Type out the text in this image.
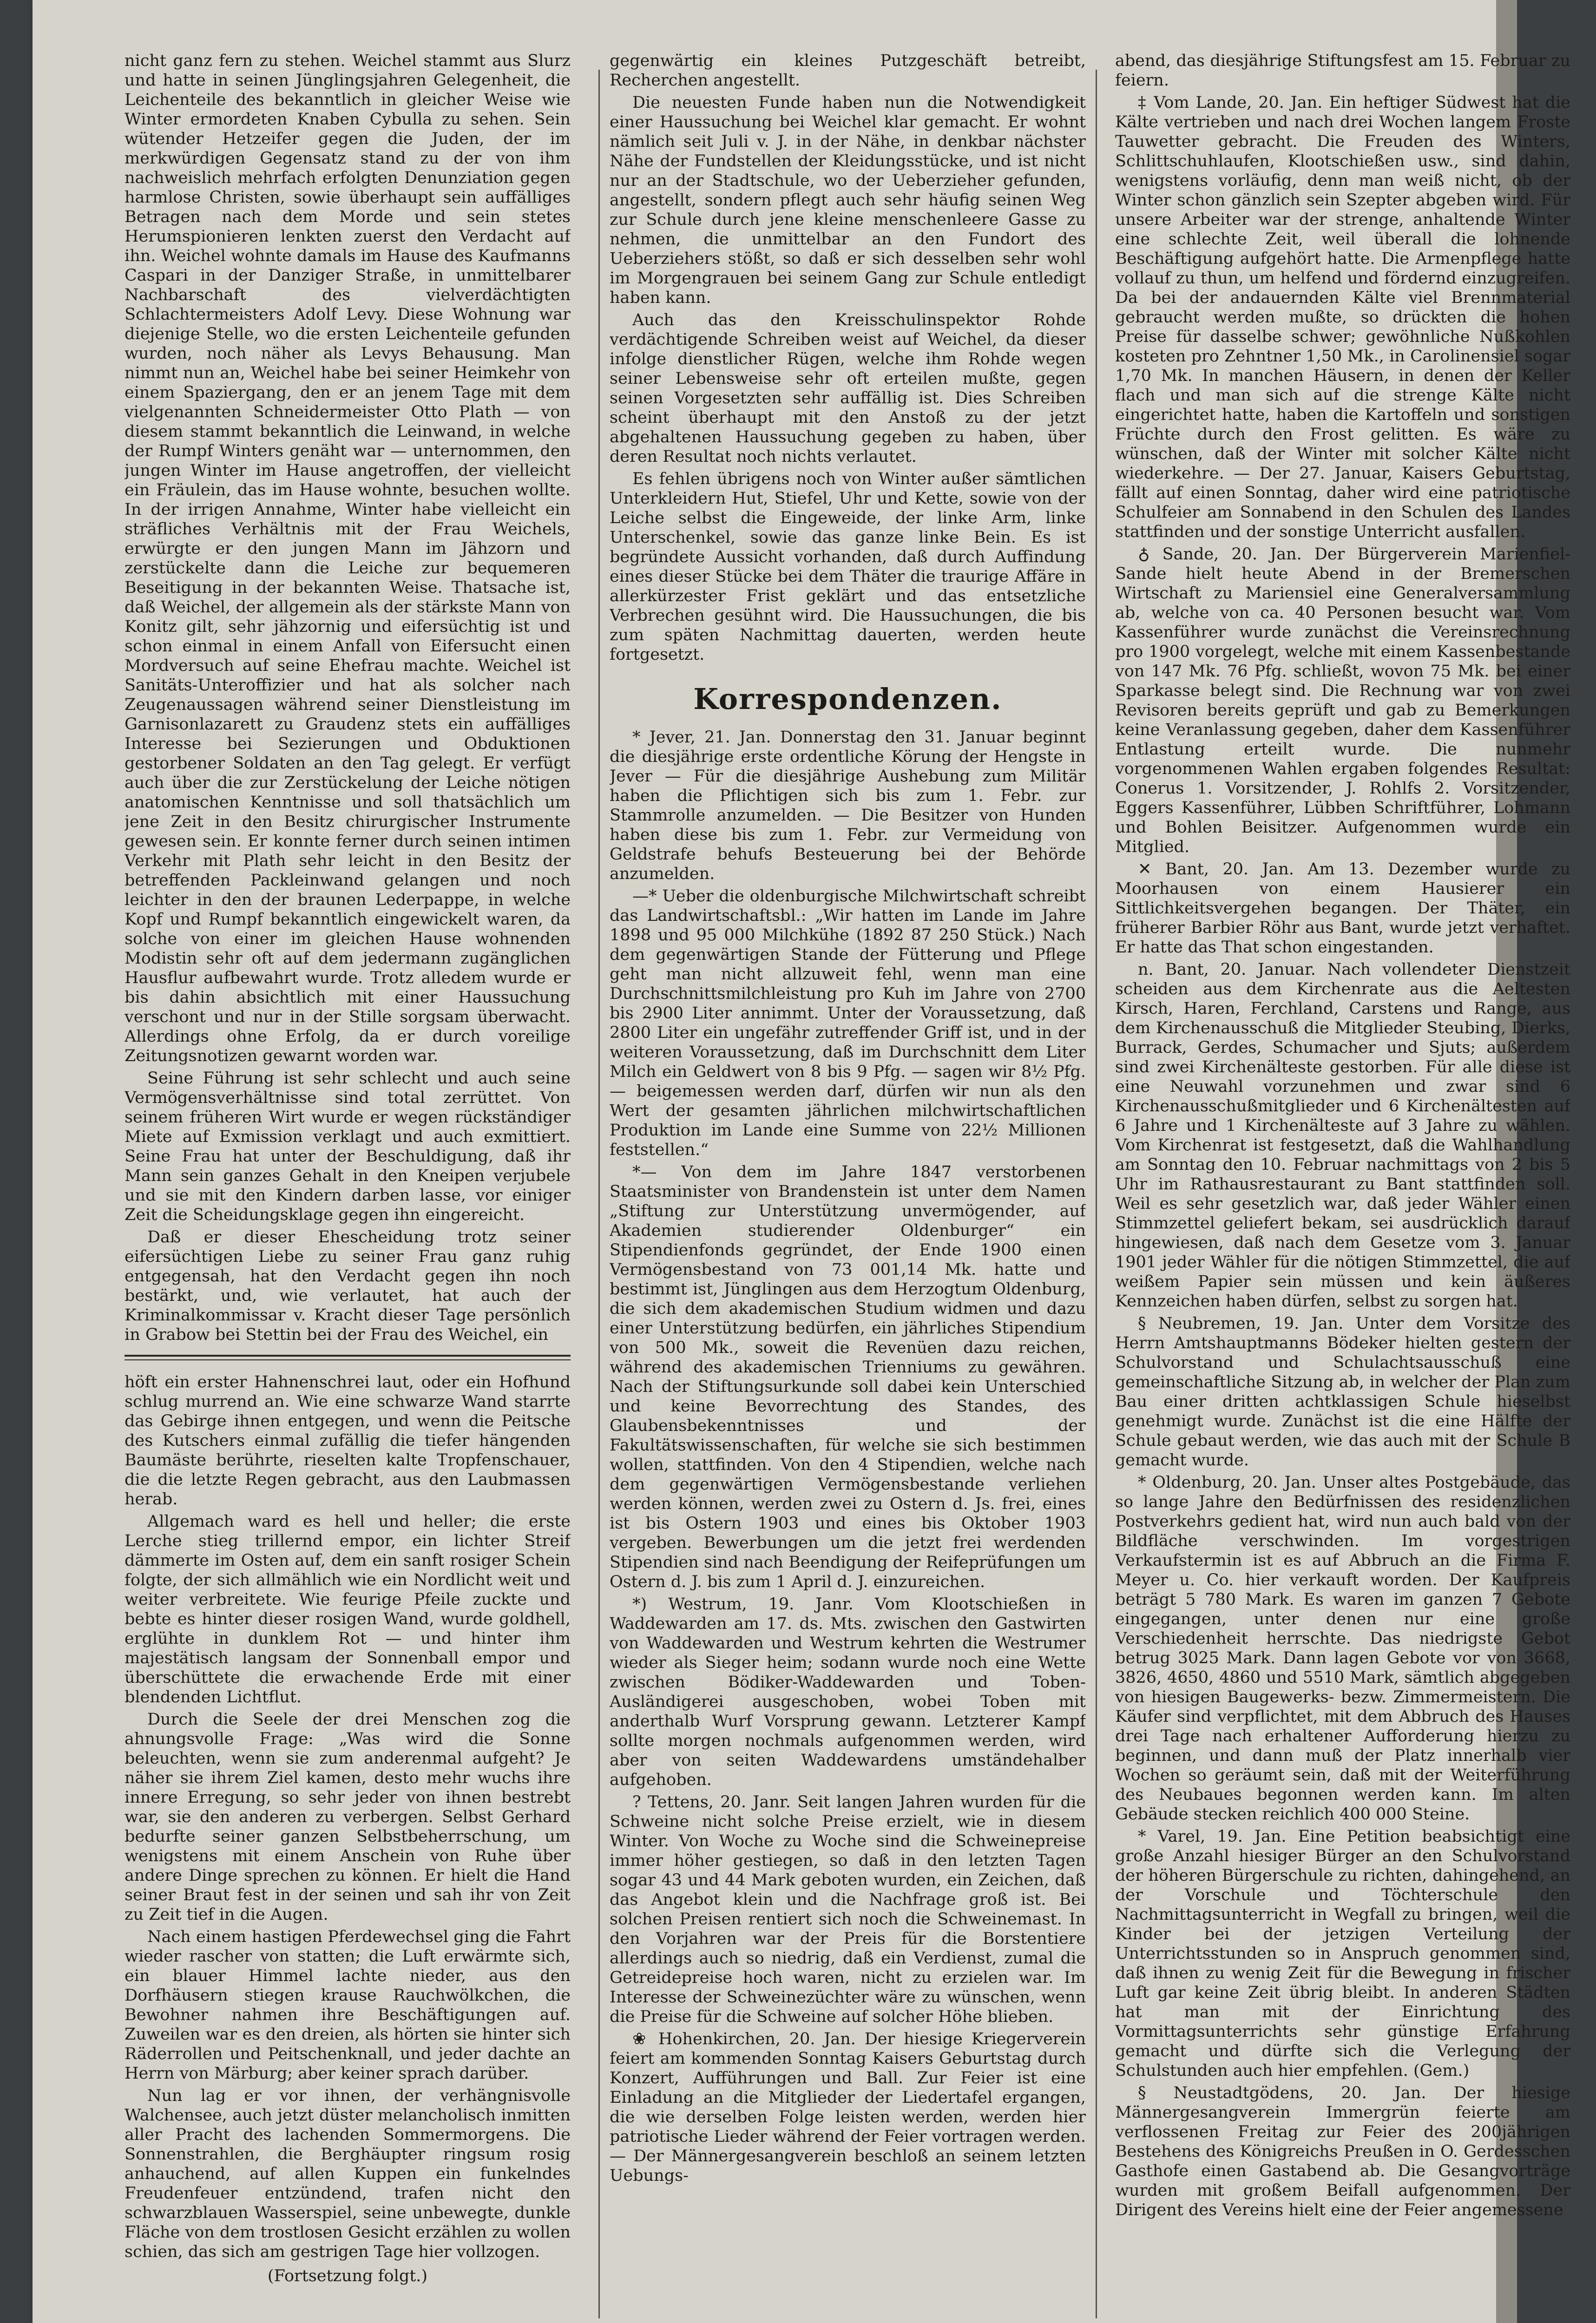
nicht ganz fern zu stehen. Weichel stammt aus Slurz und hatte in seinen Jünglingsjahren Gelegenheit, die Leichenteile des bekanntlich in gleicher Weise wie Winter ermordeten Knaben Cybulla zu sehen. Sein wütender Hetzeifer gegen die Juden, der im merkwürdigen Gegensatz stand zu der von ihm nachweislich mehrfach erfolgten Denunziation gegen harmlose Christen, sowie überhaupt sein auffälliges Betragen nach dem Morde und sein stetes Herumspionieren lenkten zuerst den Verdacht auf ihn. Weichel wohnte damals im Hause des Kaufmanns Caspari in der Danziger Straße, in unmittelbarer Nachbarschaft des vielverdächtigten Schlachtermeisters Adolf Levy. Diese Wohnung war diejenige Stelle, wo die ersten Leichenteile gefunden wurden, noch näher als Levys Behausung. Man nimmt nun an, Weichel habe bei seiner Heimkehr von einem Spaziergang, den er an jenem Tage mit dem vielgenannten Schneidermeister Otto Plath — von diesem stammt bekanntlich die Leinwand, in welche der Rumpf Winters genäht war — unternommen, den jungen Winter im Hause angetroffen, der vielleicht ein Fräulein, das im Hause wohnte, besuchen wollte. In der irrigen Annahme, Winter habe vielleicht ein sträfliches Verhältnis mit der Frau Weichels, erwürgte er den jungen Mann im Jähzorn und zerstückelte dann die Leiche zur bequemeren Beseitigung in der bekannten Weise. Thatsache ist, daß Weichel, der allgemein als der stärkste Mann von Konitz gilt, sehr jähzornig und eifersüchtig ist und schon einmal in einem Anfall von Eifersucht einen Mordversuch auf seine Ehefrau machte. Weichel ist Sanitäts-Unteroffizier und hat als solcher nach Zeugenaussagen während seiner Dienstleistung im Garnisonlazarett zu Graudenz stets ein auffälliges Interesse bei Sezierungen und Obduktionen gestorbener Soldaten an den Tag gelegt. Er verfügt auch über die zur Zerstückelung der Leiche nötigen anatomischen Kenntnisse und soll thatsächlich um jene Zeit in den Besitz chirurgischer Instrumente gewesen sein. Er konnte ferner durch seinen intimen Verkehr mit Plath sehr leicht in den Besitz der betreffenden Packleinwand gelangen und noch leichter in den der braunen Lederpappe, in welche Kopf und Rumpf bekanntlich eingewickelt waren, da solche von einer im gleichen Hause wohnenden Modistin sehr oft auf dem jedermann zugänglichen Hausflur aufbewahrt wurde. Trotz alledem wurde er bis dahin absichtlich mit einer Haussuchung verschont und nur in der Stille sorgsam überwacht. Allerdings ohne Erfolg, da er durch voreilige Zeitungsnotizen gewarnt worden war.

Seine Führung ist sehr schlecht und auch seine Vermögensverhältnisse sind total zerrüttet. Von seinem früheren Wirt wurde er wegen rückständiger Miete auf Exmission verklagt und auch exmittiert. Seine Frau hat unter der Beschuldigung, daß ihr Mann sein ganzes Gehalt in den Kneipen verjubele und sie mit den Kindern darben lasse, vor einiger Zeit die Scheidungsklage gegen ihn eingereicht.

Daß er dieser Ehescheidung trotz seiner eifersüchtigen Liebe zu seiner Frau ganz ruhig entgegensah, hat den Verdacht gegen ihn noch bestärkt, und, wie verlautet, hat auch der Kriminalkommissar v. Kracht dieser Tage persönlich in Grabow bei Stettin bei der Frau des Weichel, ein

höft ein erster Hahnenschrei laut, oder ein Hofhund schlug murrend an. Wie eine schwarze Wand starrte das Gebirge ihnen entgegen, und wenn die Peitsche des Kutschers einmal zufällig die tiefer hängenden Baumäste berührte, rieselten kalte Tropfenschauer, die die letzte Regen gebracht, aus den Laubmassen herab.

Allgemach ward es hell und heller; die erste Lerche stieg trillernd empor, ein lichter Streif dämmerte im Osten auf, dem ein sanft rosiger Schein folgte, der sich allmählich wie ein Nordlicht weit und weiter verbreitete. Wie feurige Pfeile zuckte und bebte es hinter dieser rosigen Wand, wurde goldhell, erglühte in dunklem Rot — und hinter ihm majestätisch langsam der Sonnenball empor und überschüttete die erwachende Erde mit einer blendenden Lichtflut.

Durch die Seele der drei Menschen zog die ahnungsvolle Frage: „Was wird die Sonne beleuchten, wenn sie zum anderenmal aufgeht? Je näher sie ihrem Ziel kamen, desto mehr wuchs ihre innere Erregung, so sehr jeder von ihnen bestrebt war, sie den anderen zu verbergen. Selbst Gerhard bedurfte seiner ganzen Selbstbeherrschung, um wenigstens mit einem Anschein von Ruhe über andere Dinge sprechen zu können. Er hielt die Hand seiner Braut fest in der seinen und sah ihr von Zeit zu Zeit tief in die Augen.

Nach einem hastigen Pferdewechsel ging die Fahrt wieder rascher von statten; die Luft erwärmte sich, ein blauer Himmel lachte nieder, aus den Dorfhäusern stiegen krause Rauchwölkchen, die Bewohner nahmen ihre Beschäftigungen auf. Zuweilen war es den dreien, als hörten sie hinter sich Räderrollen und Peitschenknall, und jeder dachte an Herrn von Märburg; aber keiner sprach darüber.

Nun lag er vor ihnen, der verhängnisvolle Walchensee, auch jetzt düster melancholisch inmitten aller Pracht des lachenden Sommermorgens. Die Sonnenstrahlen, die Berghäupter ringsum rosig anhauchend, auf allen Kuppen ein funkelndes Freudenfeuer entzündend, trafen nicht den schwarzblauen Wasserspiel, seine unbewegte, dunkle Fläche von dem trostlosen Gesicht erzählen zu wollen schien, das sich am gestrigen Tage hier vollzogen.

(Fortsetzung folgt.)

gegenwärtig ein kleines Putzgeschäft betreibt, Recherchen angestellt.

Die neuesten Funde haben nun die Notwendigkeit einer Haussuchung bei Weichel klar gemacht. Er wohnt nämlich seit Juli v. J. in der Nähe, in denkbar nächster Nähe der Fundstellen der Kleidungsstücke, und ist nicht nur an der Stadtschule, wo der Ueberzieher gefunden, angestellt, sondern pflegt auch sehr häufig seinen Weg zur Schule durch jene kleine menschenleere Gasse zu nehmen, die unmittelbar an den Fundort des Ueberziehers stößt, so daß er sich desselben sehr wohl im Morgengrauen bei seinem Gang zur Schule entledigt haben kann.

Auch das den Kreisschulinspektor Rohde verdächtigende Schreiben weist auf Weichel, da dieser infolge dienstlicher Rügen, welche ihm Rohde wegen seiner Lebensweise sehr oft erteilen mußte, gegen seinen Vorgesetzten sehr auffällig ist. Dies Schreiben scheint überhaupt mit den Anstoß zu der jetzt abgehaltenen Haussuchung gegeben zu haben, über deren Resultat noch nichts verlautet.

Es fehlen übrigens noch von Winter außer sämtlichen Unterkleidern Hut, Stiefel, Uhr und Kette, sowie von der Leiche selbst die Eingeweide, der linke Arm, linke Unterschenkel, sowie das ganze linke Bein. Es ist begründete Aussicht vorhanden, daß durch Auffindung eines dieser Stücke bei dem Thäter die traurige Affäre in allerkürzester Frist geklärt und das entsetzliche Verbrechen gesühnt wird. Die Haussuchungen, die bis zum späten Nachmittag dauerten, werden heute fortgesetzt.

Korrespondenzen.

* Jever, 21. Jan. Donnerstag den 31. Januar beginnt die diesjährige erste ordentliche Körung der Hengste in Jever — Für die diesjährige Aushebung zum Militär haben die Pflichtigen sich bis zum 1. Febr. zur Stammrolle anzumelden. — Die Besitzer von Hunden haben diese bis zum 1. Febr. zur Vermeidung von Geldstrafe behufs Besteuerung bei der Behörde anzumelden.

—* Ueber die oldenburgische Milchwirtschaft schreibt das Landwirtschaftsbl.: „Wir hatten im Lande im Jahre 1898 und 95 000 Milchkühe (1892 87 250 Stück.) Nach dem gegenwärtigen Stande der Fütterung und Pflege geht man nicht allzuweit fehl, wenn man eine Durchschnittsmilchleistung pro Kuh im Jahre von 2700 bis 2900 Liter annimmt. Unter der Voraussetzung, daß 2800 Liter ein ungefähr zutreffender Griff ist, und in der weiteren Voraussetzung, daß im Durchschnitt dem Liter Milch ein Geldwert von 8 bis 9 Pfg. — sagen wir 8½ Pfg. — beigemessen werden darf, dürfen wir nun als den Wert der gesamten jährlichen milchwirtschaftlichen Produktion im Lande eine Summe von 22½ Millionen feststellen.“

*— Von dem im Jahre 1847 verstorbenen Staatsminister von Brandenstein ist unter dem Namen „Stiftung zur Unterstützung unvermögender, auf Akademien studierender Oldenburger“ ein Stipendienfonds gegründet, der Ende 1900 einen Vermögensbestand von 73 001,14 Mk. hatte und bestimmt ist, Jünglingen aus dem Herzogtum Oldenburg, die sich dem akademischen Studium widmen und dazu einer Unterstützung bedürfen, ein jährliches Stipendium von 500 Mk., soweit die Revenüen dazu reichen, während des akademischen Trienniums zu gewähren. Nach der Stiftungsurkunde soll dabei kein Unterschied und keine Bevorrechtung des Standes, des Glaubensbekenntnisses und der Fakultätswissenschaften, für welche sie sich bestimmen wollen, stattfinden. Von den 4 Stipendien, welche nach dem gegenwärtigen Vermögensbestande verliehen werden können, werden zwei zu Ostern d. Js. frei, eines ist bis Ostern 1903 und eines bis Oktober 1903 vergeben. Bewerbungen um die jetzt frei werdenden Stipendien sind nach Beendigung der Reifeprüfungen um Ostern d. J. bis zum 1 April d. J. einzureichen.

*) Westrum, 19. Janr. Vom Klootschießen in Waddewarden am 17. ds. Mts. zwischen den Gastwirten von Waddewarden und Westrum kehrten die Westrumer wieder als Sieger heim; sodann wurde noch eine Wette zwischen Bödiker-Waddewarden und Toben-Ausländigerei ausgeschoben, wobei Toben mit anderthalb Wurf Vorsprung gewann. Letzterer Kampf sollte morgen nochmals aufgenommen werden, wird aber von seiten Waddewardens umständehalber aufgehoben.

? Tettens, 20. Janr. Seit langen Jahren wurden für die Schweine nicht solche Preise erzielt, wie in diesem Winter. Von Woche zu Woche sind die Schweinepreise immer höher gestiegen, so daß in den letzten Tagen sogar 43 und 44 Mark geboten wurden, ein Zeichen, daß das Angebot klein und die Nachfrage groß ist. Bei solchen Preisen rentiert sich noch die Schweinemast. In den Vorjahren war der Preis für die Borstentiere allerdings auch so niedrig, daß ein Verdienst, zumal die Getreidepreise hoch waren, nicht zu erzielen war. Im Interesse der Schweinezüchter wäre zu wünschen, wenn die Preise für die Schweine auf solcher Höhe blieben.

❀ Hohenkirchen, 20. Jan. Der hiesige Kriegerverein feiert am kommenden Sonntag Kaisers Geburtstag durch Konzert, Aufführungen und Ball. Zur Feier ist eine Einladung an die Mitglieder der Liedertafel ergangen, die wie derselben Folge leisten werden, werden hier patriotische Lieder während der Feier vortragen werden. — Der Männergesangverein beschloß an seinem letzten Uebungs-

abend, das diesjährige Stiftungsfest am 15. Februar zu feiern.

‡ Vom Lande, 20. Jan. Ein heftiger Südwest hat die Kälte vertrieben und nach drei Wochen langem Froste Tauwetter gebracht. Die Freuden des Winters, Schlittschuhlaufen, Klootschießen usw., sind dahin, wenigstens vorläufig, denn man weiß nicht, ob der Winter schon gänzlich sein Szepter abgeben wird. Für unsere Arbeiter war der strenge, anhaltende Winter eine schlechte Zeit, weil überall die lohnende Beschäftigung aufgehört hatte. Die Armenpflege hatte vollauf zu thun, um helfend und fördernd einzugreifen. Da bei der andauernden Kälte viel Brennmaterial gebraucht werden mußte, so drückten die hohen Preise für dasselbe schwer; gewöhnliche Nußkohlen kosteten pro Zehntner 1,50 Mk., in Carolinensiel sogar 1,70 Mk. In manchen Häusern, in denen der Keller flach und man sich auf die strenge Kälte nicht eingerichtet hatte, haben die Kartoffeln und sonstigen Früchte durch den Frost gelitten. Es wäre zu wünschen, daß der Winter mit solcher Kälte nicht wiederkehre. — Der 27. Januar, Kaisers Geburtstag, fällt auf einen Sonntag, daher wird eine patriotische Schulfeier am Sonnabend in den Schulen des Landes stattfinden und der sonstige Unterricht ausfallen.

♁ Sande, 20. Jan. Der Bürgerverein Marienfiel-Sande hielt heute Abend in der Bremerschen Wirtschaft zu Mariensiel eine Generalversammlung ab, welche von ca. 40 Personen besucht war. Vom Kassenführer wurde zunächst die Vereinsrechnung pro 1900 vorgelegt, welche mit einem Kassenbestande von 147 Mk. 76 Pfg. schließt, wovon 75 Mk. bei einer Sparkasse belegt sind. Die Rechnung war von zwei Revisoren bereits geprüft und gab zu Bemerkungen keine Veranlassung gegeben, daher dem Kassenführer Entlastung erteilt wurde. Die nunmehr vorgenommenen Wahlen ergaben folgendes Resultat: Conerus 1. Vorsitzender, J. Rohlfs 2. Vorsitzender, Eggers Kassenführer, Lübben Schriftführer, Lohmann und Bohlen Beisitzer. Aufgenommen wurde ein Mitglied.

✕ Bant, 20. Jan. Am 13. Dezember wurde zu Moorhausen von einem Hausierer ein Sittlichkeitsvergehen begangen. Der Thäter, ein früherer Barbier Röhr aus Bant, wurde jetzt verhaftet. Er hatte das That schon eingestanden.

n. Bant, 20. Januar. Nach vollendeter Dienstzeit scheiden aus dem Kirchenrate aus die Aeltesten Kirsch, Haren, Ferchland, Carstens und Range, aus dem Kirchenausschuß die Mitglieder Steubing, Dierks, Burrack, Gerdes, Schumacher und Sjuts; außerdem sind zwei Kirchenälteste gestorben. Für alle diese ist eine Neuwahl vorzunehmen und zwar sind 6 Kirchenausschußmitglieder und 6 Kirchenältesten auf 6 Jahre und 1 Kirchenälteste auf 3 Jahre zu wählen. Vom Kirchenrat ist festgesetzt, daß die Wahlhandlung am Sonntag den 10. Februar nachmittags von 2 bis 5 Uhr im Rathausrestaurant zu Bant stattfinden soll. Weil es sehr gesetzlich war, daß jeder Wähler einen Stimmzettel geliefert bekam, sei ausdrücklich darauf hingewiesen, daß nach dem Gesetze vom 3. Januar 1901 jeder Wähler für die nötigen Stimmzettel, die auf weißem Papier sein müssen und kein äußeres Kennzeichen haben dürfen, selbst zu sorgen hat.

§ Neubremen, 19. Jan. Unter dem Vorsitze des Herrn Amtshauptmanns Bödeker hielten gestern der Schulvorstand und Schulachtsausschuß eine gemeinschaftliche Sitzung ab, in welcher der Plan zum Bau einer dritten achtklassigen Schule hieselbst genehmigt wurde. Zunächst ist die eine Hälfte der Schule gebaut werden, wie das auch mit der Schule B gemacht wurde.

* Oldenburg, 20. Jan. Unser altes Postgebäude, das so lange Jahre den Bedürfnissen des residenzlichen Postverkehrs gedient hat, wird nun auch bald von der Bildfläche verschwinden. Im vorgestrigen Verkaufstermin ist es auf Abbruch an die Firma F. Meyer u. Co. hier verkauft worden. Der Kaufpreis beträgt 5 780 Mark. Es waren im ganzen 7 Gebote eingegangen, unter denen nur eine große Verschiedenheit herrschte. Das niedrigste Gebot betrug 3025 Mark. Dann lagen Gebote vor von 3668, 3826, 4650, 4860 und 5510 Mark, sämtlich abgegeben von hiesigen Baugewerks- bezw. Zimmermeistern. Die Käufer sind verpflichtet, mit dem Abbruch des Hauses drei Tage nach erhaltener Aufforderung hierzu zu beginnen, und dann muß der Platz innerhalb vier Wochen so geräumt sein, daß mit der Weiterführung des Neubaues begonnen werden kann. Im alten Gebäude stecken reichlich 400 000 Steine.

* Varel, 19. Jan. Eine Petition beabsichtigt eine große Anzahl hiesiger Bürger an den Schulvorstand der höheren Bürgerschule zu richten, dahingehend, an der Vorschule und Töchterschule den Nachmittagsunterricht in Wegfall zu bringen, weil die Kinder bei der jetzigen Verteilung der Unterrichtsstunden so in Anspruch genommen sind, daß ihnen zu wenig Zeit für die Bewegung in frischer Luft gar keine Zeit übrig bleibt. In anderen Städten hat man mit der Einrichtung des Vormittagsunterrichts sehr günstige Erfahrung gemacht und dürfte sich die Verlegung der Schulstunden auch hier empfehlen. (Gem.)

§ Neustadtgödens, 20. Jan. Der hiesige Männergesangverein Immergrün feierte am verflossenen Freitag zur Feier des 200jährigen Bestehens des Königreichs Preußen in O. Gerdesschen Gasthofe einen Gastabend ab. Die Gesangvorträge wurden mit großem Beifall aufgenommen. Der Dirigent des Vereins hielt eine der Feier angemessene
